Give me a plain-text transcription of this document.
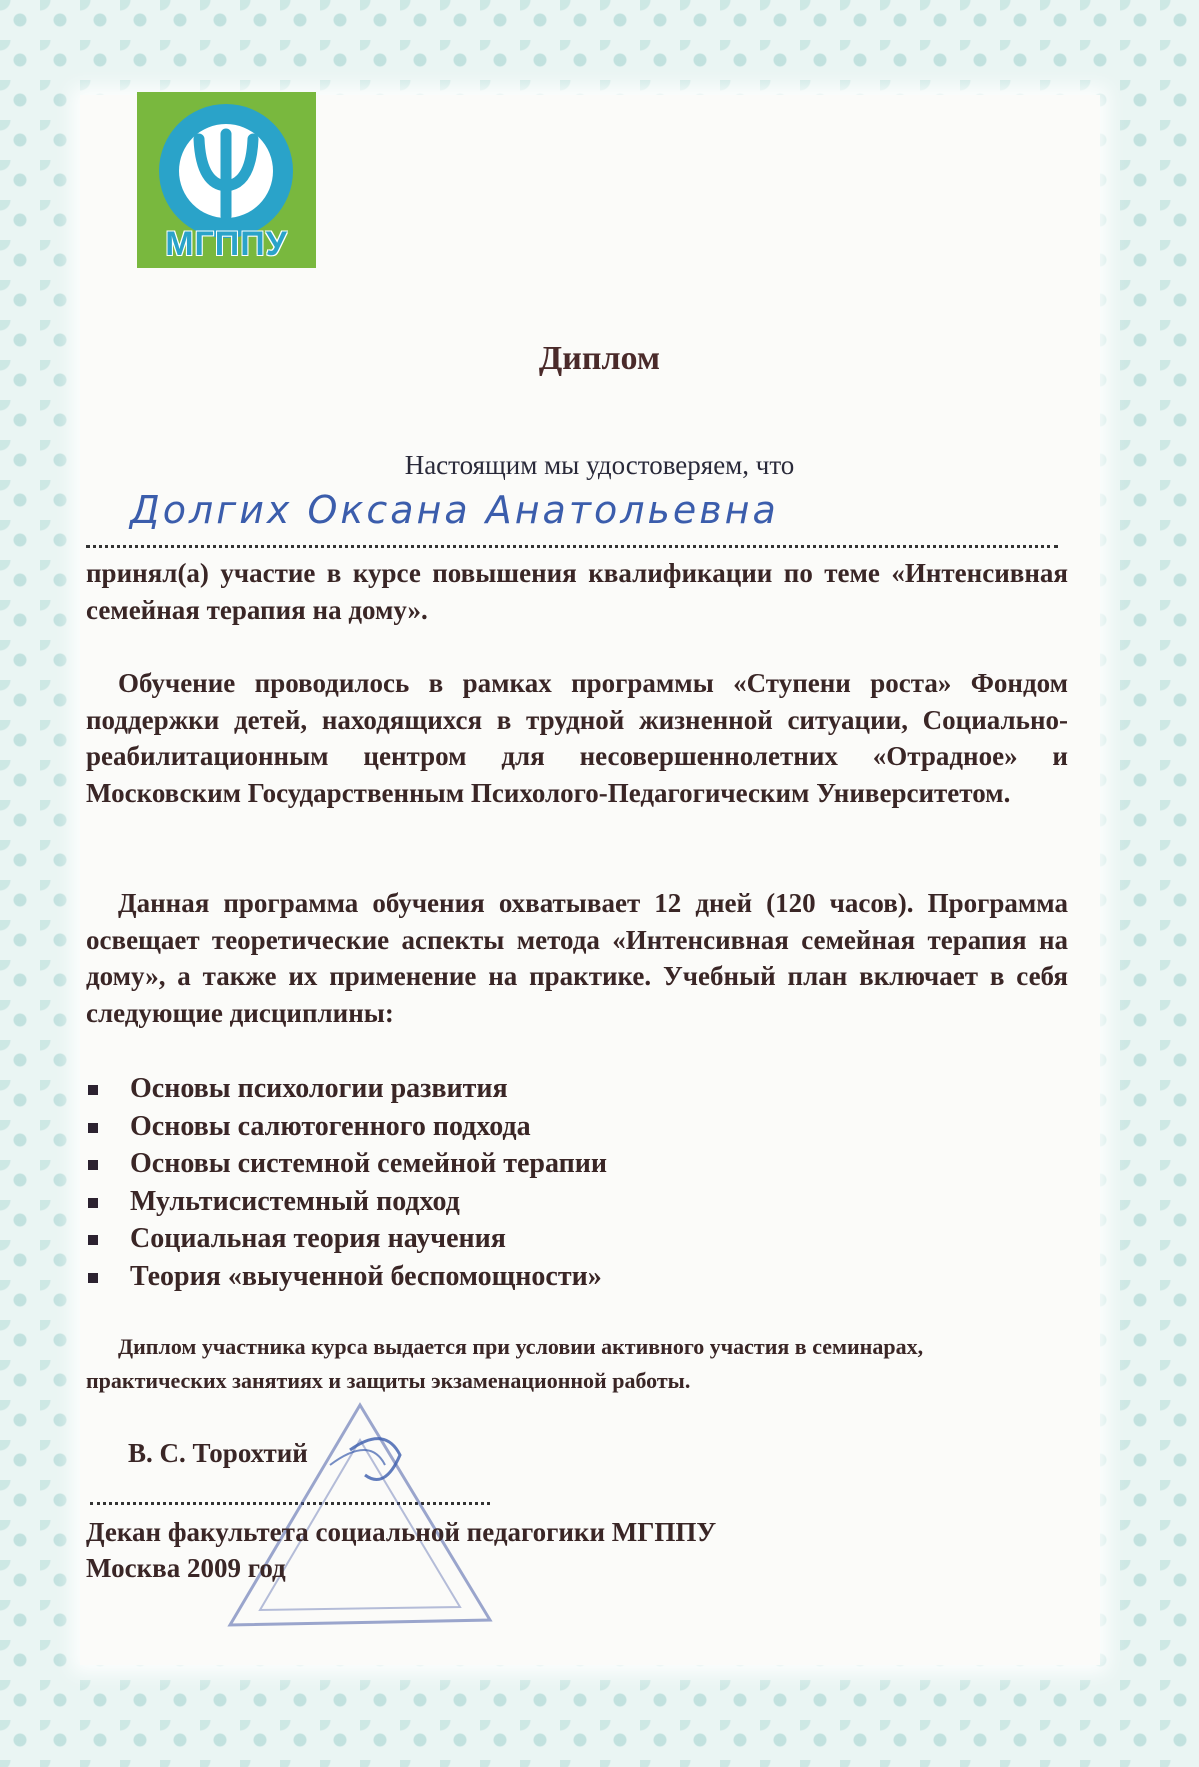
МГППУ
Диплом
Настоящим мы удостоверяем, что
Долгих Оксана Анатольевна
принял(а) участие в курсе повышения квалификации по теме «Интенсивная семейная терапия на дому».
Обучение проводилось в рамках программы «Ступени роста» Фондом поддержки детей, находящихся в трудной жизненной ситуации, Социально-реабилитационным центром для несовершеннолетних «Отрадное» и Московским Государственным Психолого-Педагогическим Университетом.
Данная программа обучения охватывает 12 дней (120 часов). Программа освещает теоретические аспекты метода «Интенсивная семейная терапия на дому», а также их применение на практике. Учебный план включает в себя следующие дисциплины:
Основы психологии развития
Основы салютогенного подхода
Основы системной семейной терапии
Мультисистемный подход
Социальная теория научения
Теория «выученной беспомощности»
Диплом участника курса выдается при условии активного участия в семинарах, практических занятиях и защиты экзаменационной работы.
В. С. Торохтий
Декан факультета социальной педагогики МГППУ
Москва 2009 год
